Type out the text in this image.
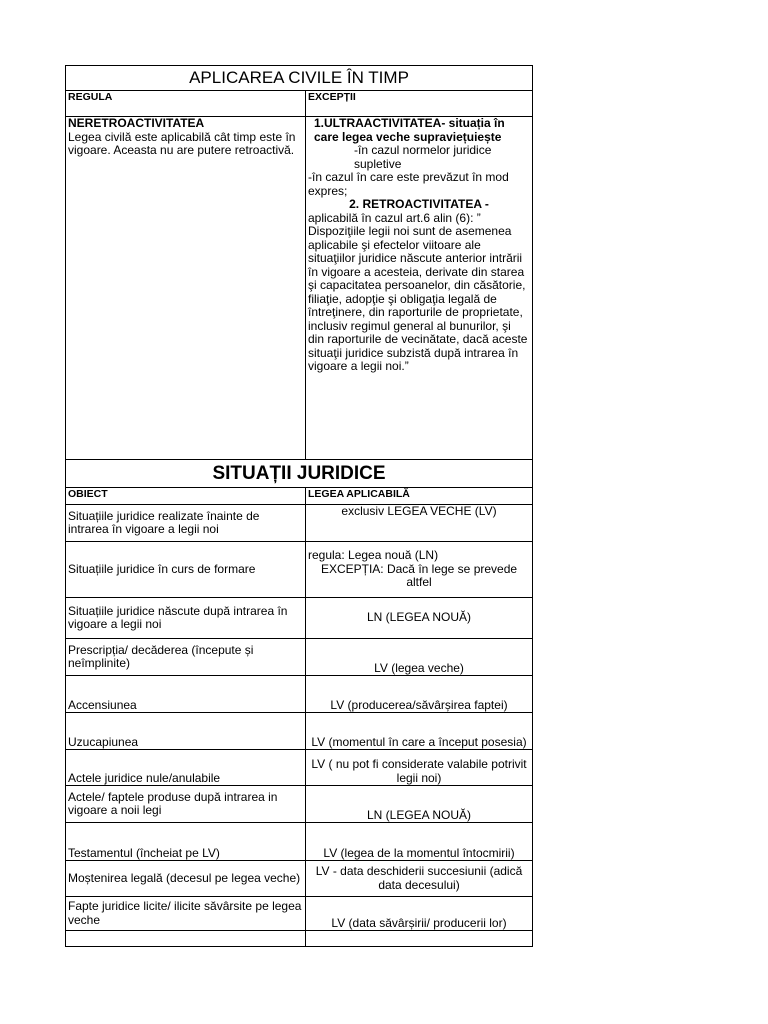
APLICAREA CIVILE ÎN TIMP	
REGULA	EXCEPȚII

NERETROACTIVITATEA
Legea civilă este aplicabilă cât timp este în vigoare. Aceasta nu are putere retroactivă.	1.ULTRAACTIVITATEA- situația în care legea veche supraviețuiește
-în cazul normelor juridice supletive
-în cazul în care este prevăzut în mod expres;
2. RETROACTIVITATEA -
aplicabilă în cazul art.6 alin (6): ” Dispoziţiile legii noi sunt de asemenea aplicabile şi efectelor viitoare ale situaţiilor juridice născute anterior intrării în vigoare a acesteia, derivate din starea şi capacitatea persoanelor, din căsătorie, filiaţie, adopţie şi obligaţia legală de întreţinere, din raporturile de proprietate, inclusiv regimul general al bunurilor, şi din raporturile de vecinătate, dacă aceste situaţii juridice subzistă după intrarea în vigoare a legii noi.”

SITUAȚII JURIDICE	
OBIECT	LEGEA APLICABILĂ
Situațiile juridice realizate înainte de intrarea în vigoare a legii noi	exclusiv LEGEA VECHE (LV)
Situațiile juridice în curs de formare	regula: Legea nouă (LN)
EXCEPȚIA: Dacă în lege se prevede altfel

Situațiile juridice născute după intrarea în vigoare a legii noi	LN (LEGEA NOUĂ)
Prescripția/ decăderea (începute și neîmplinite)	LV (legea veche)
Accensiunea	LV (producerea/săvârșirea faptei)
Uzucapiunea	LV (momentul în care a început posesia)
Actele juridice nule/anulabile	LV ( nu pot fi considerate valabile potrivit legii noi)
Actele/ faptele produse după intrarea in vigoare a noii legi	LN (LEGEA NOUĂ)
Testamentul (încheiat pe LV)	LV (legea de la momentul întocmirii)
Moștenirea legală (decesul pe legea veche)	LV - data deschiderii succesiunii (adică data decesului)
Fapte juridice licite/ ilicite săvârsite pe legea veche	LV (data săvârșirii/ producerii lor)
